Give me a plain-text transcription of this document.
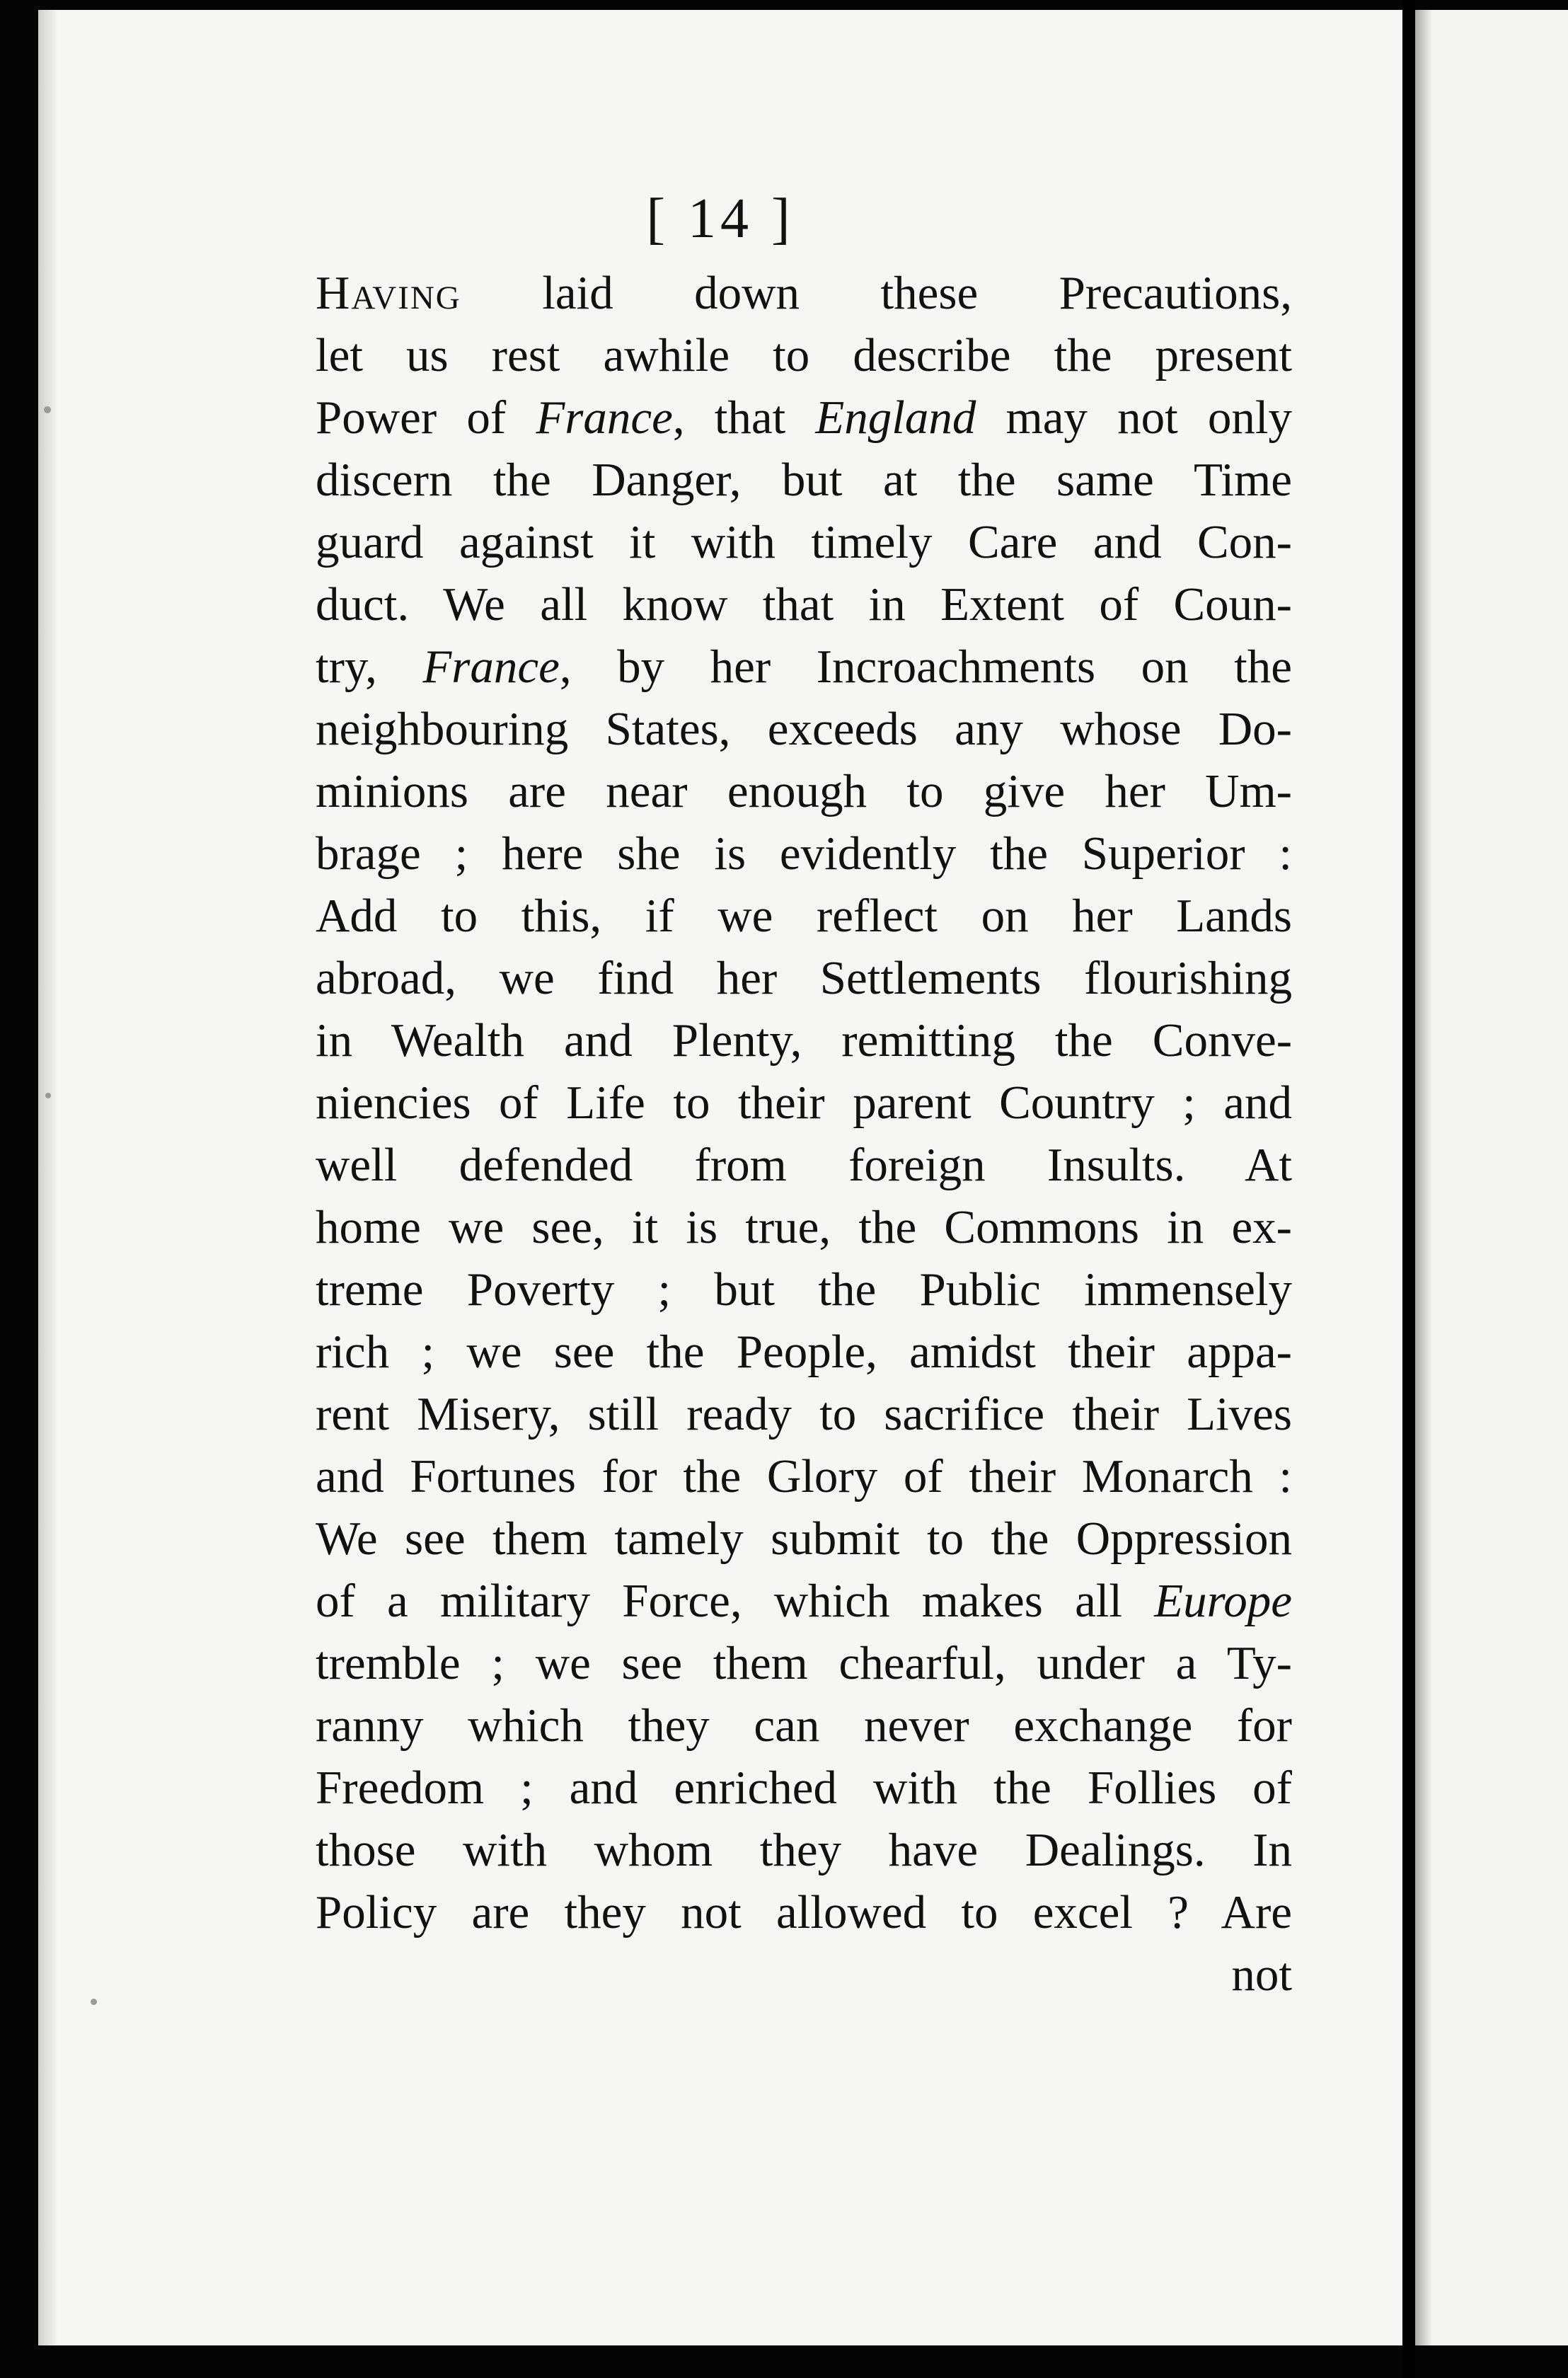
[ 14 ]
Having laid down these Precautions,
let us rest awhile to describe the present
Power of France, that England may not only
discern the Danger, but at the same Time
guard against it with timely Care and Con-
duct. We all know that in Extent of Coun-
try, France, by her Incroachments on the
neighbouring States, exceeds any whose Do-
minions are near enough to give her Um-
brage ; here she is evidently the Superior :
Add to this, if we reflect on her Lands
abroad, we find her Settlements flourishing
in Wealth and Plenty, remitting the Conve-
niencies of Life to their parent Country ; and
well defended from foreign Insults. At
home we see, it is true, the Commons in ex-
treme Poverty ; but the Public immensely
rich ; we see the People, amidst their appa-
rent Misery, still ready to sacrifice their Lives
and Fortunes for the Glory of their Monarch :
We see them tamely submit to the Oppression
of a military Force, which makes all Europe
tremble ; we see them chearful, under a Ty-
ranny which they can never exchange for
Freedom ; and enriched with the Follies of
those with whom they have Dealings. In
Policy are they not allowed to excel ? Are
not
